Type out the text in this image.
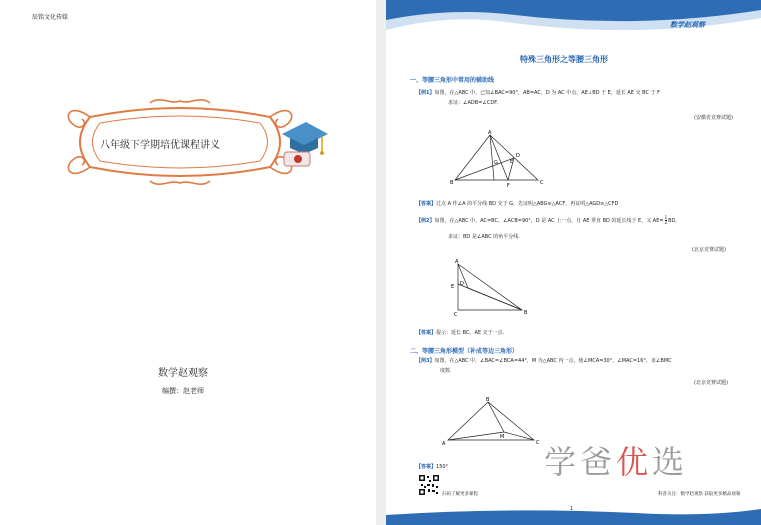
辰铭文化传媒
八年级下学期培优课程讲义
数学赵观察
编撰：赵老师
数学赵观察
特殊三角形之等腰三角形
一、等腰三角形中常用的辅助线
【例1】如图，在△ABC 中，已知∠BAC=90°，AB=AC，D 为 AC 中点，AE⊥BD 于 E，延长 AE 交 BC 于 F
求证：∠ADB=∠CDF.
(安徽省竞赛试题)
A
B	C
D
E
F
G
【答案】过点 A 作∠A 的平分线 BD 交于 G，先证明△ABG≌△ACF，再证明△AGD≌△CFD
【例2】如图，在△ABC 中，AC=BC，∠ACB=90°，D 是 AC 上一点，且 AE 垂直 BD 的延长线于 E，又 $AE= \frac{1}{2}$ BD,
求证：BD 是∠ABC 的角平分线.
(北京竞赛试题)
A
B
C
D
E
【答案】提示：延长 BC、AE 交于一点.
二、等腰三角形模型（补成等边三角形）
【例3】如图，在△ABC 中，∠BAC=∠BCA=44°，M 为△ABC 内一点，使∠MCA=30°，∠MAC=16°，求∠BMC
度数.
(北京竞赛试题)
B
A	C
M
【答案】150°
扫码了解更多课程	科普关注：数学赵观察 获取更多精品视频
1
学爸优选
